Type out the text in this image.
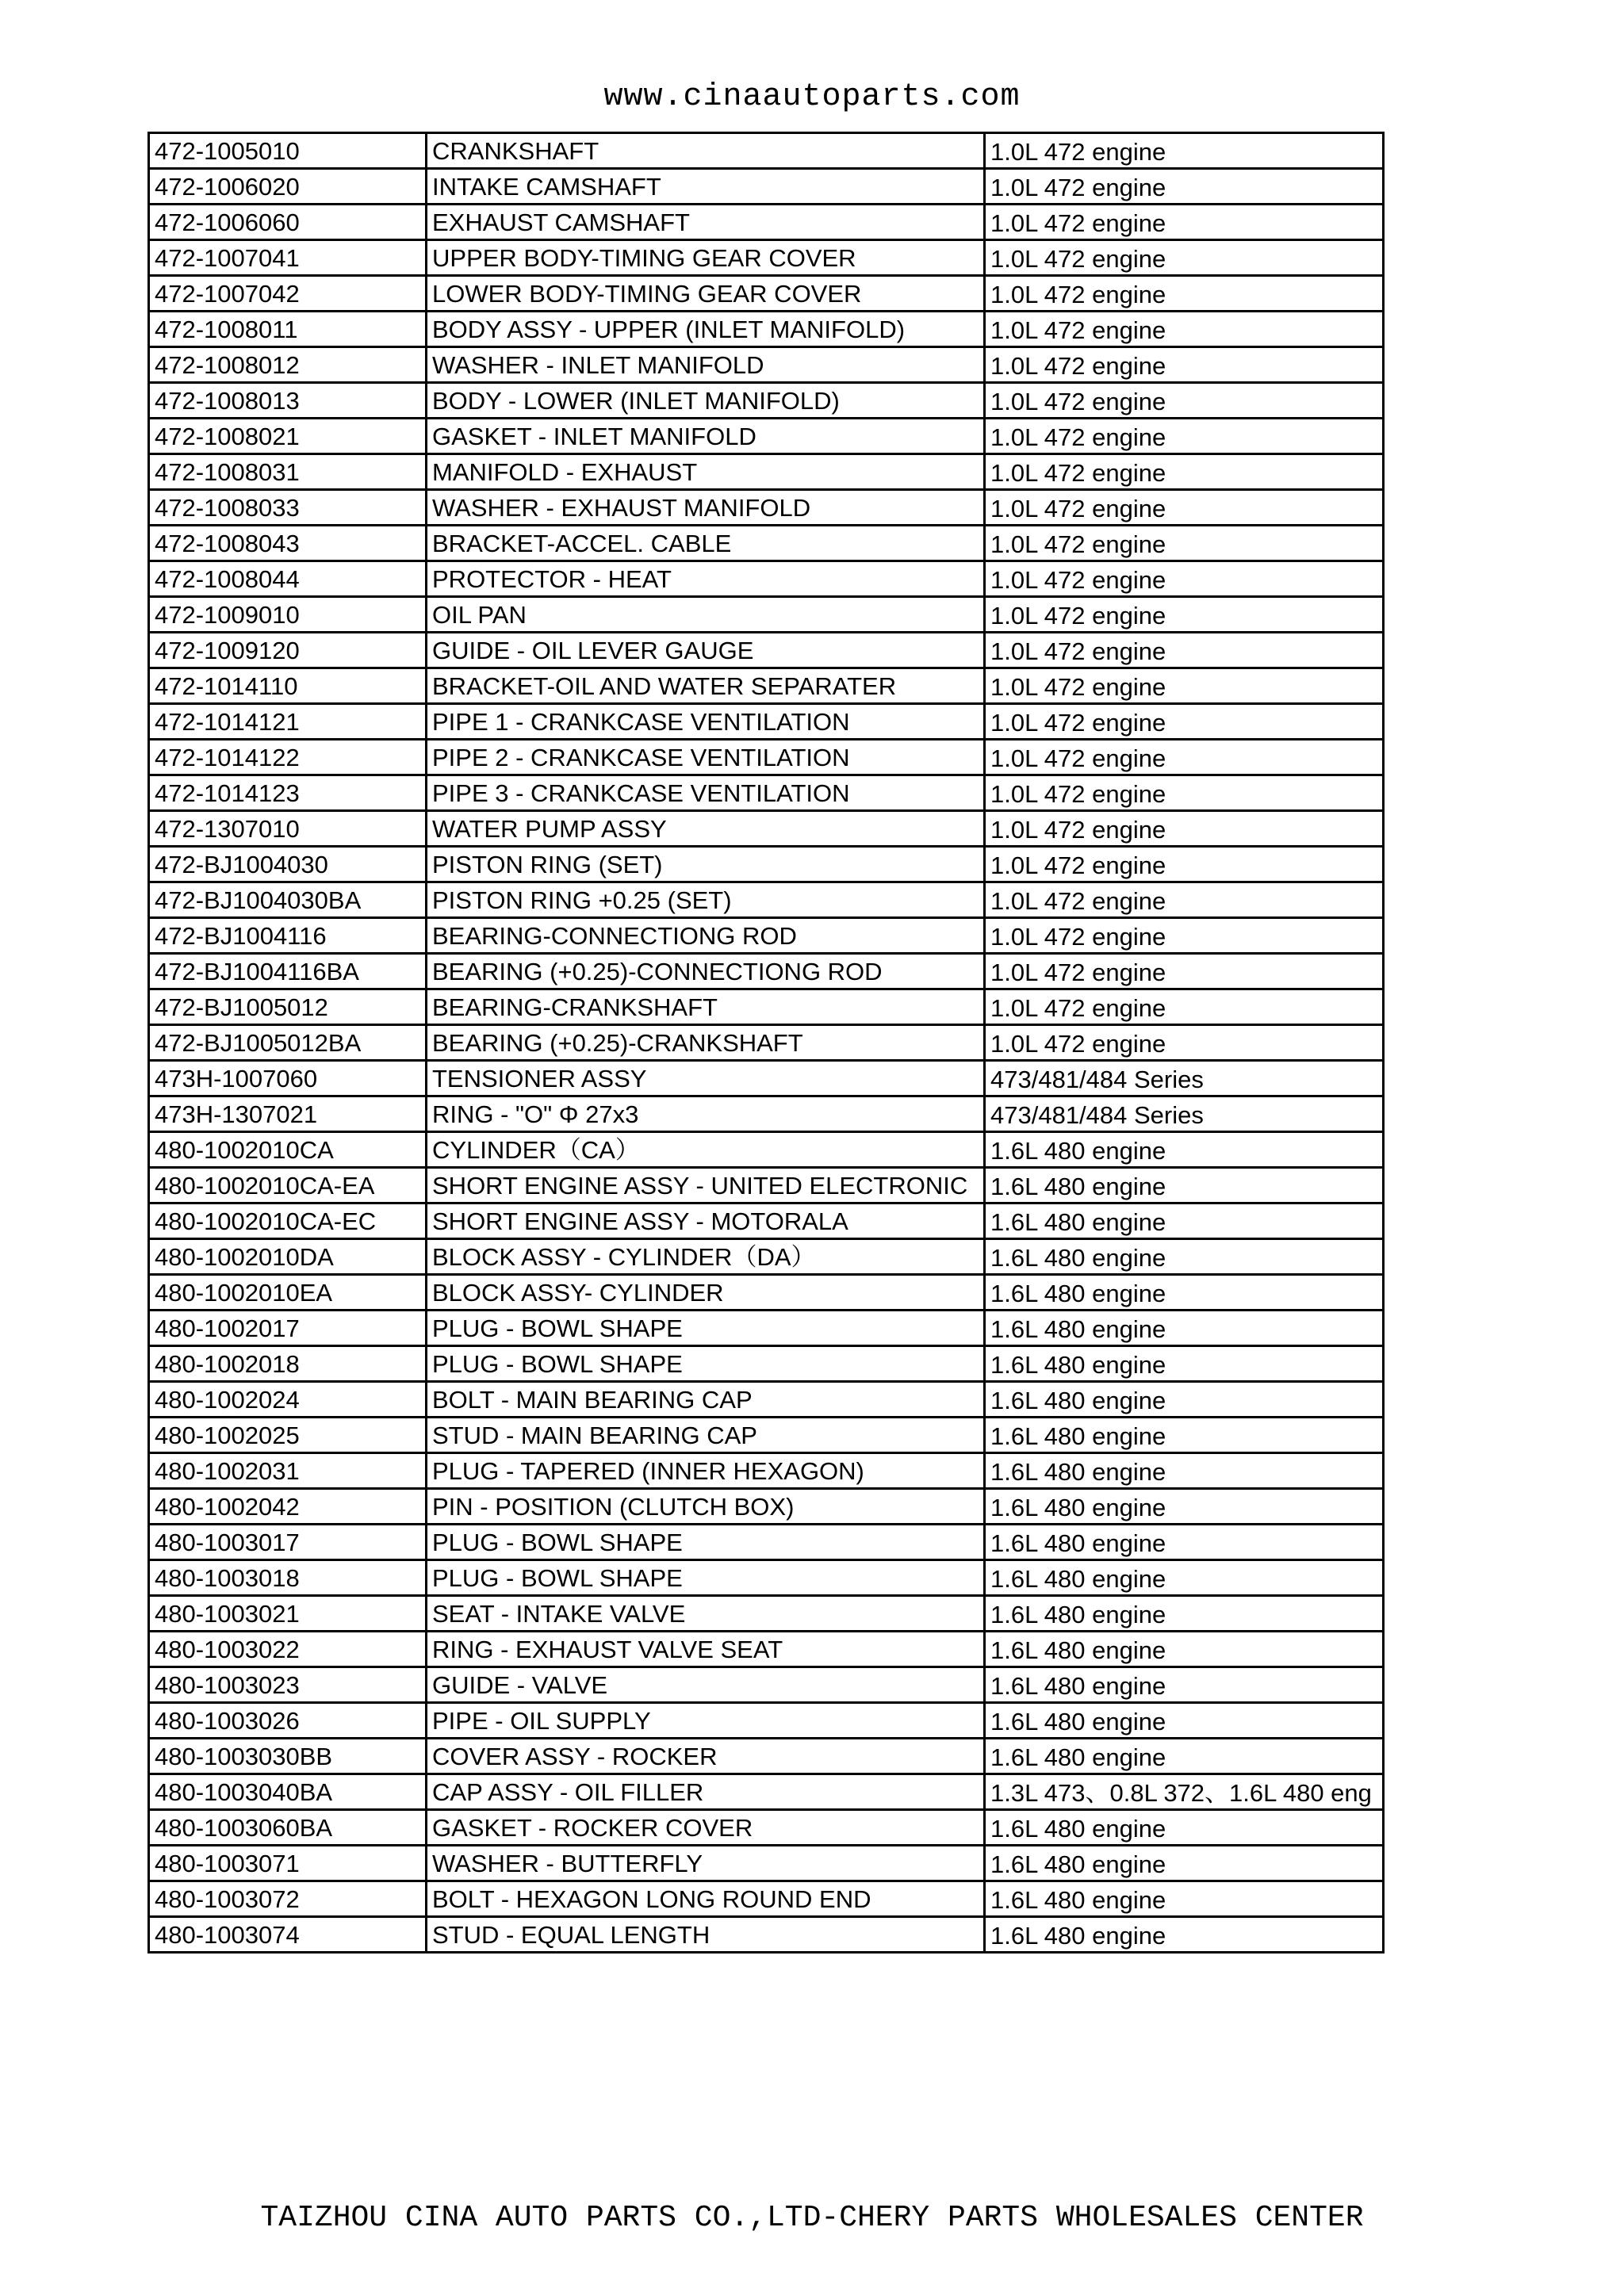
www.cinaautoparts.com
472-1005010	CRANKSHAFT	1.0L 472 engine
472-1006020	INTAKE CAMSHAFT	1.0L 472 engine
472-1006060	EXHAUST CAMSHAFT	1.0L 472 engine
472-1007041	UPPER BODY-TIMING GEAR COVER	1.0L 472 engine
472-1007042	LOWER BODY-TIMING GEAR COVER	1.0L 472 engine
472-1008011	BODY ASSY - UPPER (INLET MANIFOLD)	1.0L 472 engine
472-1008012	WASHER - INLET MANIFOLD	1.0L 472 engine
472-1008013	BODY - LOWER (INLET MANIFOLD)	1.0L 472 engine
472-1008021	GASKET - INLET MANIFOLD	1.0L 472 engine
472-1008031	MANIFOLD - EXHAUST	1.0L 472 engine
472-1008033	WASHER - EXHAUST MANIFOLD	1.0L 472 engine
472-1008043	BRACKET-ACCEL. CABLE	1.0L 472 engine
472-1008044	PROTECTOR - HEAT	1.0L 472 engine
472-1009010	OIL PAN	1.0L 472 engine
472-1009120	GUIDE - OIL LEVER GAUGE	1.0L 472 engine
472-1014110	BRACKET-OIL AND WATER SEPARATER	1.0L 472 engine
472-1014121	PIPE 1 - CRANKCASE VENTILATION	1.0L 472 engine
472-1014122	PIPE 2 - CRANKCASE VENTILATION	1.0L 472 engine
472-1014123	PIPE 3 - CRANKCASE VENTILATION	1.0L 472 engine
472-1307010	WATER PUMP ASSY	1.0L 472 engine
472-BJ1004030	PISTON RING (SET)	1.0L 472 engine
472-BJ1004030BA	PISTON RING +0.25 (SET)	1.0L 472 engine
472-BJ1004116	BEARING-CONNECTIONG ROD	1.0L 472 engine
472-BJ1004116BA	BEARING (+0.25)-CONNECTIONG ROD	1.0L 472 engine
472-BJ1005012	BEARING-CRANKSHAFT	1.0L 472 engine
472-BJ1005012BA	BEARING (+0.25)-CRANKSHAFT	1.0L 472 engine
473H-1007060	TENSIONER ASSY	473/481/484 Series
473H-1307021	RING - "O" Φ 27x3	473/481/484 Series
480-1002010CA	CYLINDER（CA）	1.6L 480 engine
480-1002010CA-EA	SHORT ENGINE ASSY - UNITED ELECTRONIC	1.6L 480 engine
480-1002010CA-EC	SHORT ENGINE ASSY - MOTORALA	1.6L 480 engine
480-1002010DA	BLOCK ASSY - CYLINDER（DA）	1.6L 480 engine
480-1002010EA	BLOCK ASSY- CYLINDER	1.6L 480 engine
480-1002017	PLUG - BOWL SHAPE	1.6L 480 engine
480-1002018	PLUG - BOWL SHAPE	1.6L 480 engine
480-1002024	BOLT - MAIN BEARING CAP	1.6L 480 engine
480-1002025	STUD - MAIN BEARING CAP	1.6L 480 engine
480-1002031	PLUG - TAPERED (INNER HEXAGON)	1.6L 480 engine
480-1002042	PIN - POSITION (CLUTCH BOX)	1.6L 480 engine
480-1003017	PLUG - BOWL SHAPE	1.6L 480 engine
480-1003018	PLUG - BOWL SHAPE	1.6L 480 engine
480-1003021	SEAT - INTAKE VALVE	1.6L 480 engine
480-1003022	RING - EXHAUST VALVE SEAT	1.6L 480 engine
480-1003023	GUIDE - VALVE	1.6L 480 engine
480-1003026	PIPE - OIL SUPPLY	1.6L 480 engine
480-1003030BB	COVER ASSY - ROCKER	1.6L 480 engine
480-1003040BA	CAP ASSY - OIL FILLER	1.3L 473、0.8L 372、1.6L 480 eng
480-1003060BA	GASKET - ROCKER COVER	1.6L 480 engine
480-1003071	WASHER - BUTTERFLY	1.6L 480 engine
480-1003072	BOLT - HEXAGON LONG ROUND END	1.6L 480 engine
480-1003074	STUD - EQUAL LENGTH	1.6L 480 engine
TAIZHOU CINA AUTO PARTS CO.,LTD-CHERY PARTS WHOLESALES CENTER
